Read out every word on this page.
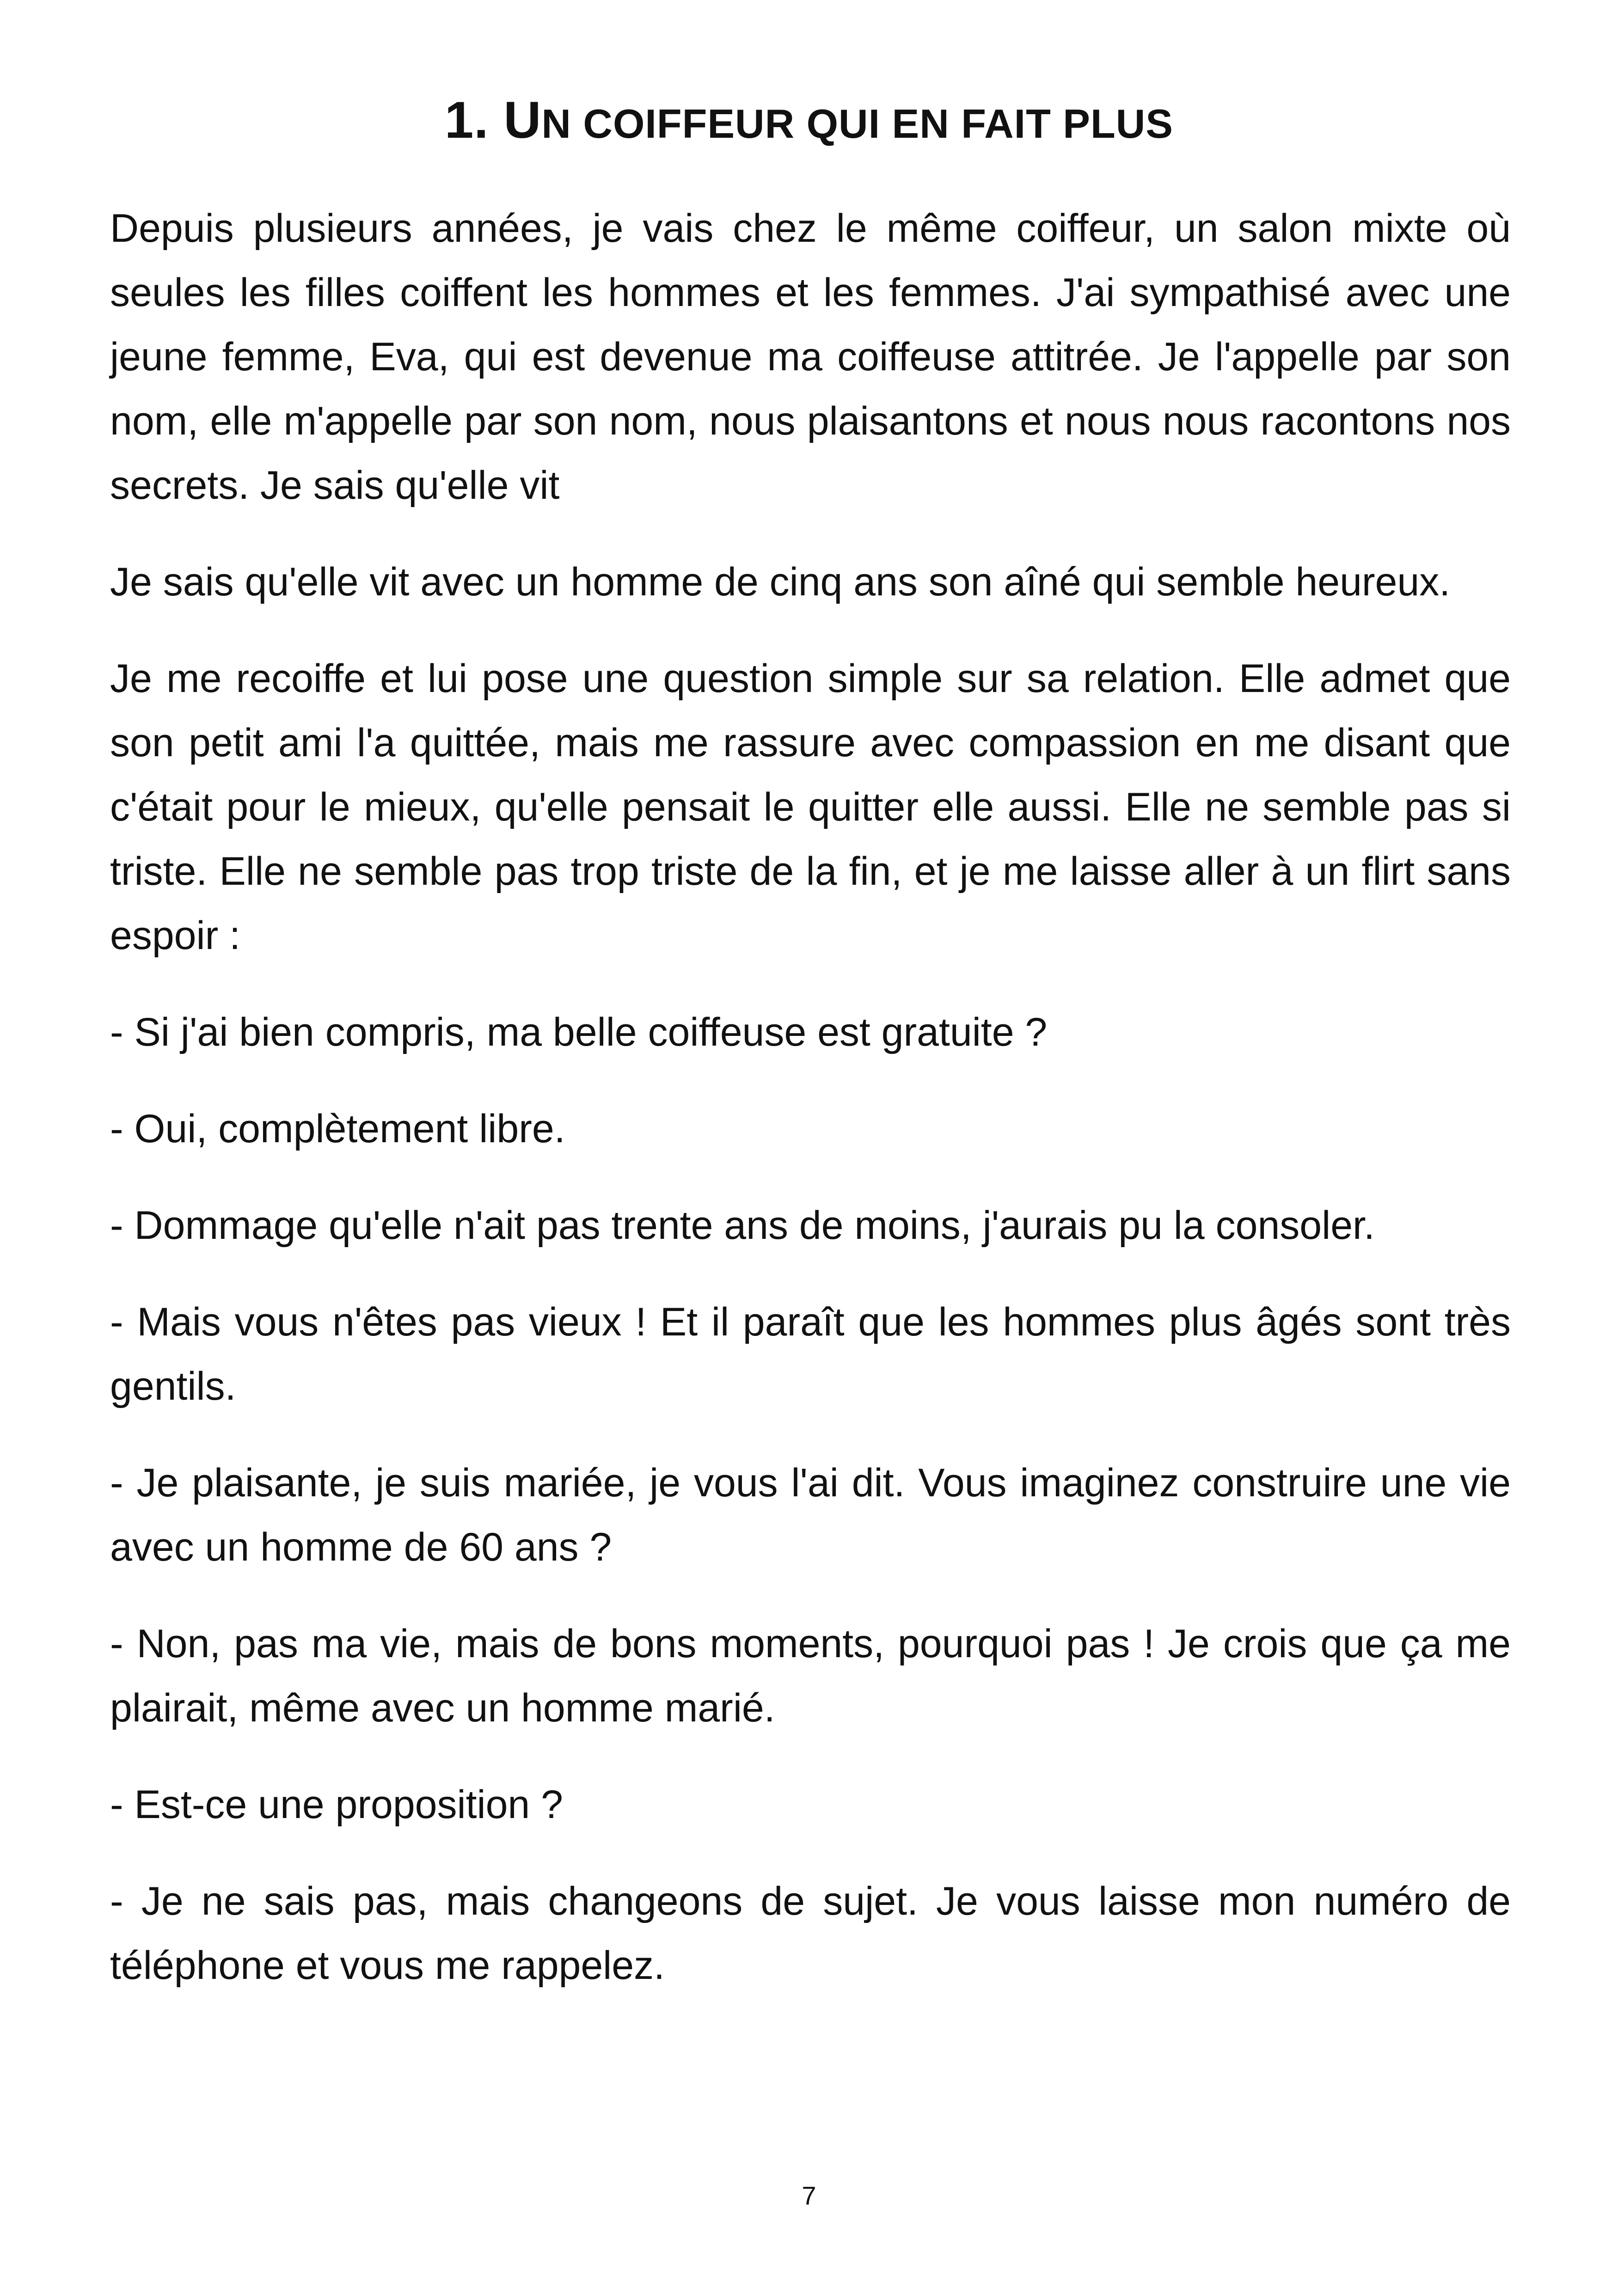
1. UN COIFFEUR QUI EN FAIT PLUS

Depuis plusieurs années, je vais chez le même coiffeur, un salon mixte où seules les filles coiffent les hommes et les femmes. J'ai sympathisé avec une jeune femme, Eva, qui est devenue ma coiffeuse attitrée. Je l'appelle par son nom, elle m'appelle par son nom, nous plaisantons et nous nous racontons nos secrets. Je sais qu'elle vit

Je sais qu'elle vit avec un homme de cinq ans son aîné qui semble heureux.

Je me recoiffe et lui pose une question simple sur sa relation. Elle admet que son petit ami l'a quittée, mais me rassure avec compassion en me disant que c'était pour le mieux, qu'elle pensait le quitter elle aussi. Elle ne semble pas si triste. Elle ne semble pas trop triste de la fin, et je me laisse aller à un flirt sans espoir :

- Si j'ai bien compris, ma belle coiffeuse est gratuite ?

- Oui, complètement libre.

- Dommage qu'elle n'ait pas trente ans de moins, j'aurais pu la consoler.

- Mais vous n'êtes pas vieux ! Et il paraît que les hommes plus âgés sont très gentils.

- Je plaisante, je suis mariée, je vous l'ai dit. Vous imaginez construire une vie avec un homme de 60 ans ?

- Non, pas ma vie, mais de bons moments, pourquoi pas ! Je crois que ça me plairait, même avec un homme marié.

- Est-ce une proposition ?

- Je ne sais pas, mais changeons de sujet. Je vous laisse mon numéro de téléphone et vous me rappelez.

7
